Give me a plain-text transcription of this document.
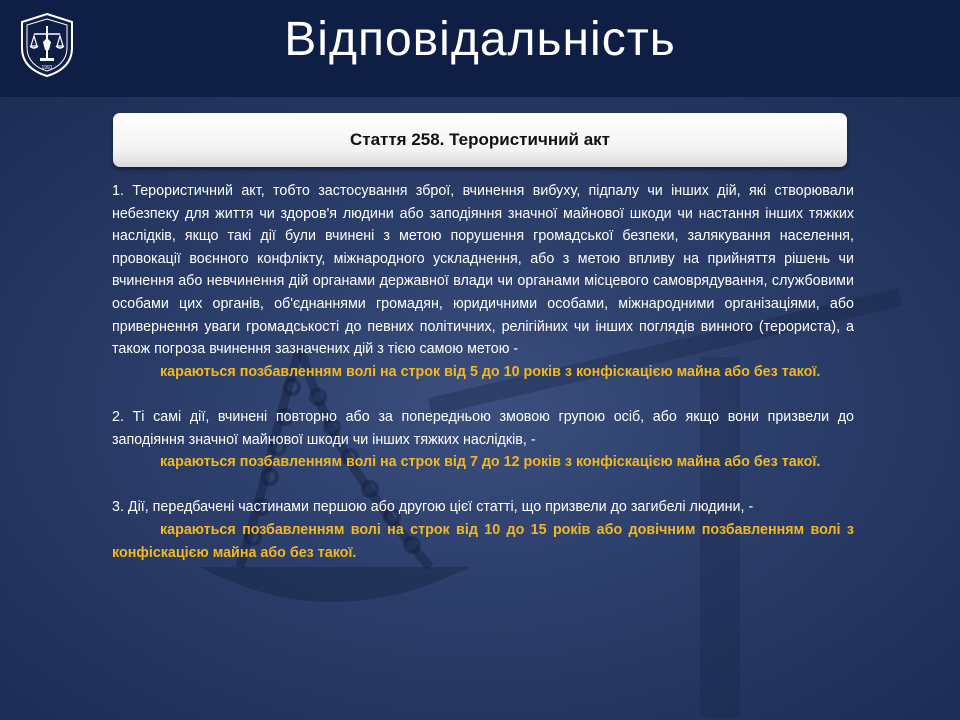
1991
Відповідальність
Стаття 258. Терористичний акт

1. Терористичний акт, тобто застосування зброї, вчинення вибуху, підпалу чи інших дій, які створювали небезпеку для життя чи здоров'я людини або заподіяння значної майнової шкоди чи настання інших тяжких наслідків, якщо такі дії були вчинені з метою порушення громадської безпеки, залякування населення, провокації воєнного конфлікту, міжнародного ускладнення, або з метою впливу на прийняття рішень чи вчинення або невчинення дій органами державної влади чи органами місцевого самоврядування, службовими особами цих органів, об'єднаннями громадян, юридичними особами, міжнародними організаціями, або привернення уваги громадськості до певних політичних, релігійних чи інших поглядів винного (терориста), а також погроза вчинення зазначених дій з тією самою метою -

караються позбавленням волі на строк від 5 до 10 років з конфіскацією майна або без такої.

2. Ті самі дії, вчинені повторно або за попередньою змовою групою осіб, або якщо вони призвели до заподіяння значної майнової шкоди чи інших тяжких наслідків, -

караються позбавленням волі на строк від 7 до 12 років з конфіскацією майна або без такої.

3. Дії, передбачені частинами першою або другою цієї статті, що призвели до загибелі людини, -

караються позбавленням волі на строк від 10 до 15 років або довічним позбавленням волі з конфіскацією майна або без такої.
